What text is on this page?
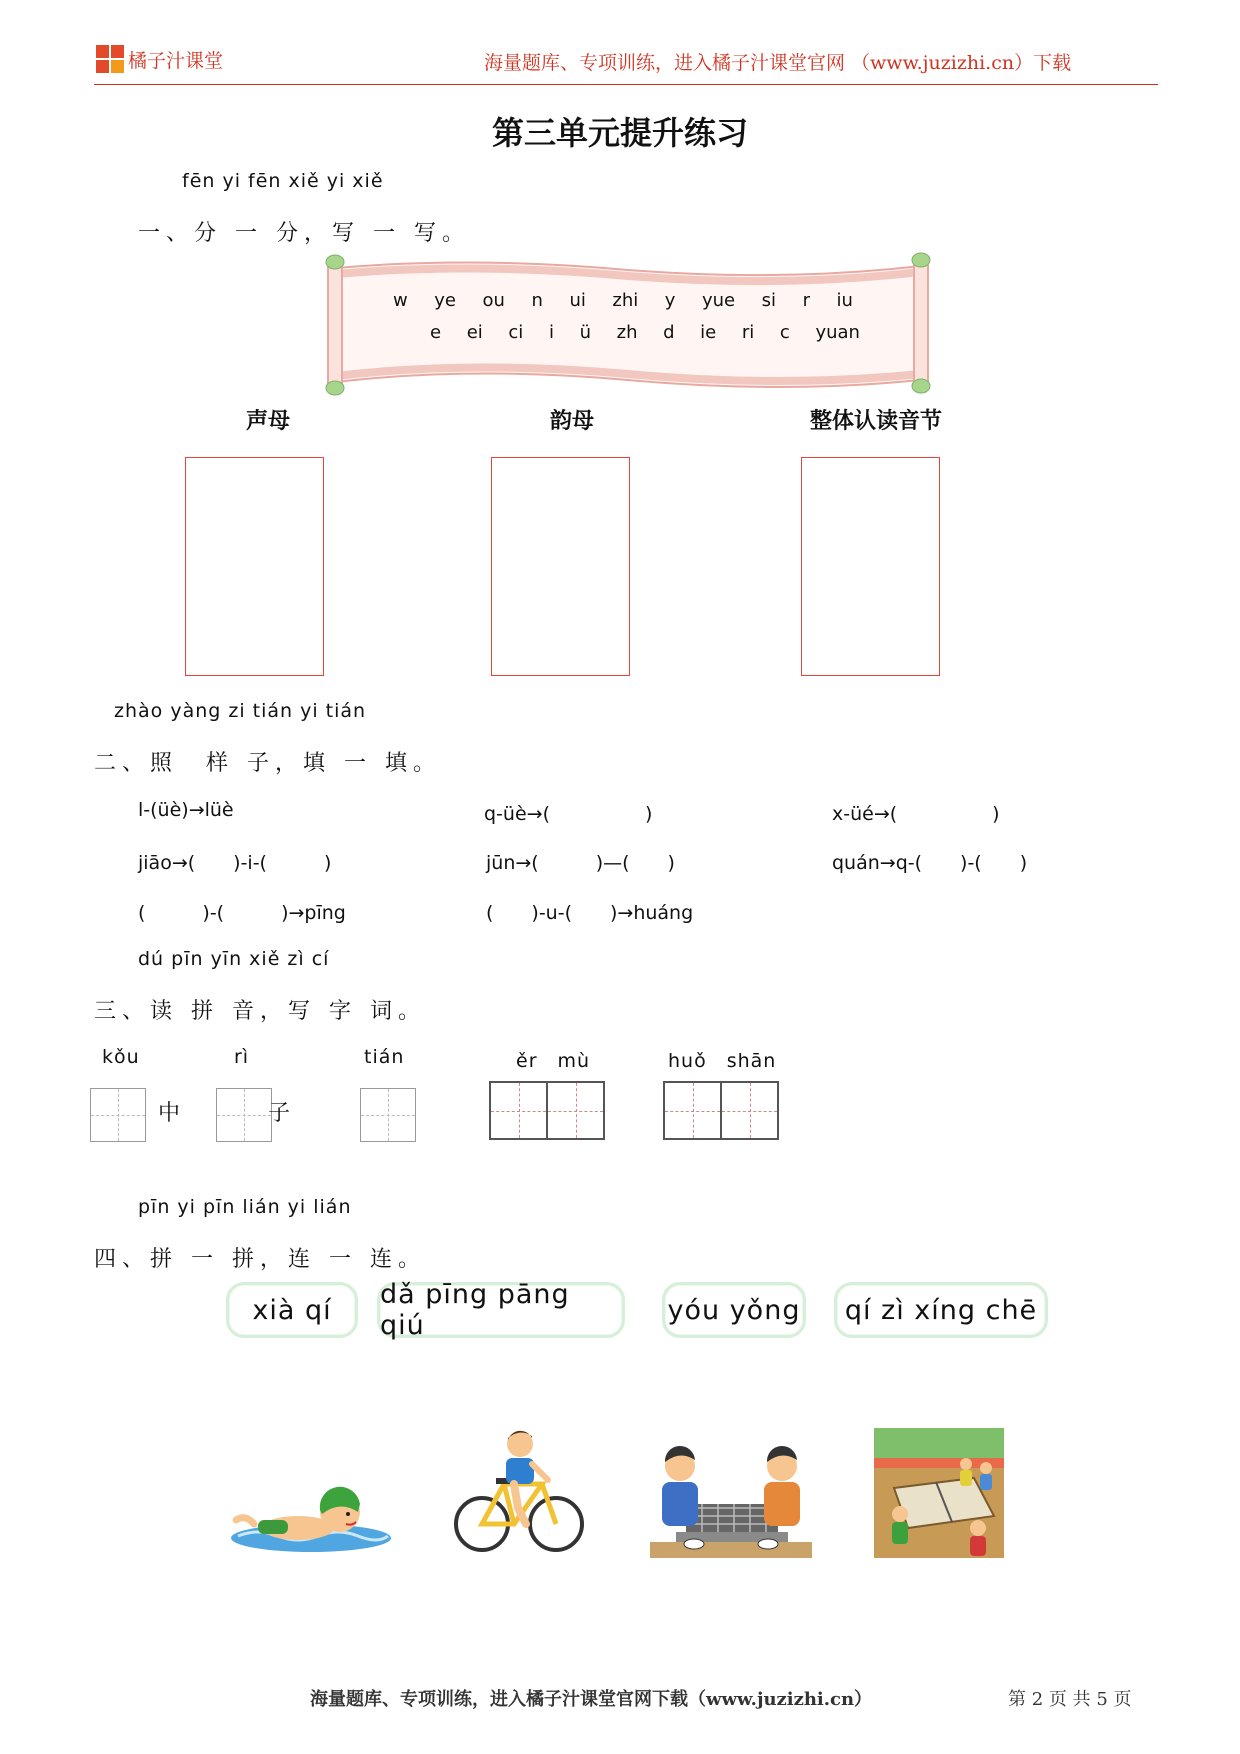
橘子汁课堂	海量题库、专项训练，进入橘子汁课堂官网 （www.juzizhi.cn）下载
第三单元提升练习
fēn yi fēn xiě yi xiě
一、分 一 分，写 一 写。
w ye ou n ui zhi y yue si r iu
e ei ci i ü zh d ie ri c yuan
声母	韵母	整体认读音节
zhào yàng zi tián yi tián
二、照　样 子，填 一 填。
l-(üè)→lüè	q-üè→(　　　　　)	x-üé→(　　　　　)
jiāo→(　　)-i-(　　　)	jūn→(　　　)—(　　)	quán→q-(　　)-(　　)
(　　　)-(　　　)→pīng	(　　)-u-(　　)→huáng
dú pīn yīn xiě zì cí
三、读 拼 音，写 字 词。
kǒu	rì	tián	ěr　mù	huǒ　shān
中	子
pīn yi pīn lián yi lián
四、拼 一 拼，连 一 连。
xià qí	dǎ pīng pāng qiú	yóu yǒng	qí zì xíng chē
海量题库、专项训练，进入橘子汁课堂官网下载（www.juzizhi.cn）	第 2 页 共 5 页
